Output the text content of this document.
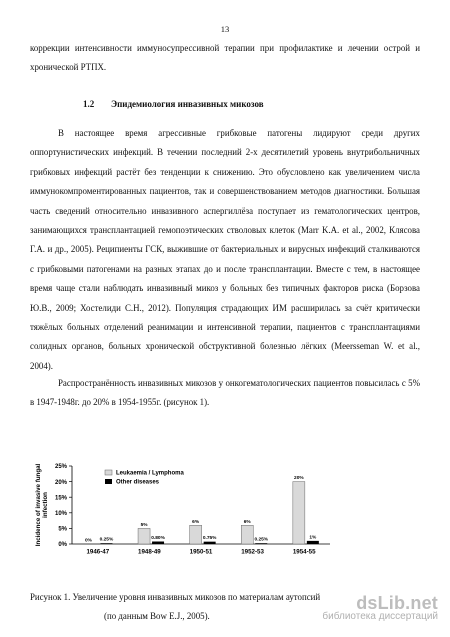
13

коррекции интенсивности иммуносупрессивной терапии при профилактике и лечении острой и хронической РТПХ.

1.2 Эпидемиология инвазивных микозов

В настоящее время агрессивные грибковые патогены лидируют среди других оппортунистических инфекций. В течении последний 2-х десятилетий уровень внутрибольничных грибковых инфекций растёт без тенденции к снижению. Это обусловлено как увеличением числа иммунокомпроментированных пациентов, так и совершенствованием методов диагностики. Большая часть сведений относительно инвазивного аспергиллёза поступает из гематологических центров, занимающихся трансплантацией гемопоэтических стволовых клеток (Marr K.A. et al., 2002, Клясова Г.А. и др., 2005). Реципиенты ГСК, выжившие от бактериальных и вирусных инфекций сталкиваются с грибковыми патогенами на разных этапах до и после трансплантации. Вместе с тем, в настоящее время чаще стали наблюдать инвазивный микоз у больных без типичных факторов риска (Борзова Ю.В., 2009; Хостелиди С.Н., 2012). Популяция страдающих ИМ расширилась за счёт критически тяжёлых больных отделений реанимации и интенсивной терапии, пациентов с трансплантациями солидных органов, больных хронической обструктивной болезнью лёгких (Meersseman W. et al., 2004).

Распространённость инвазивных микозов у онкогематологических пациентов повысилась с 5% в 1947-1948г. до 20% в 1954-1955г. (рисунок 1).

Incidence of invasive fungalinfection
0%
5%
10%
15%
20%
25%
0% 0.25%
1946-47
5%
0.80%
1948-49
6%
0.75%
1950-51
6%
0.25%
1952-53
20%
1%
1954-55
Leukaemia / Lymphoma
Other diseases
Рисунок 1. Увеличение уровня инвазивных микозов по материалам аутопсий
(по данным Bow E.J., 2005).
dsLib.net
библиотека диссертаций
